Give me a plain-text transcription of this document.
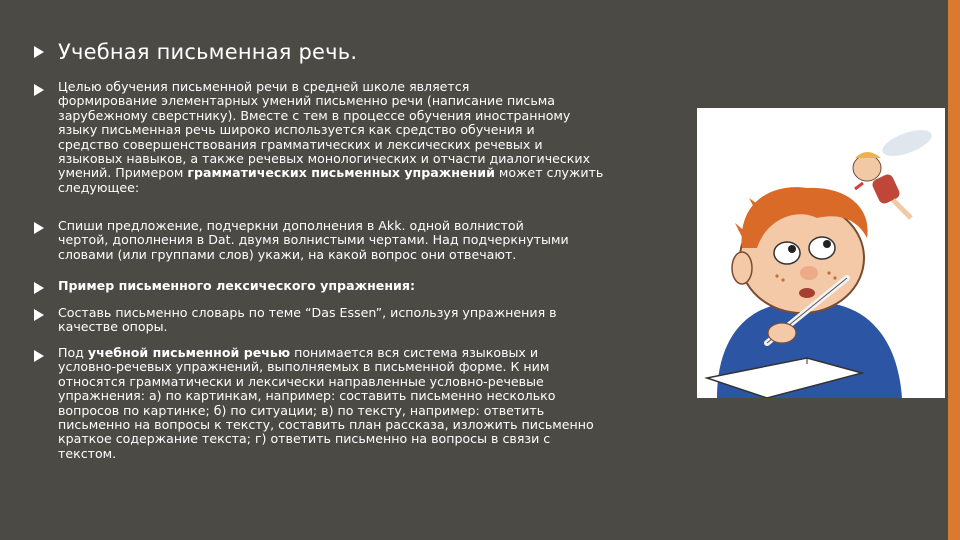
Учебная письменная речь.
Целью обучения письменной речи в средней школе является
формирование элементарных умений письменно речи (написание письма
зарубежному сверстнику). Вместе с тем в процессе обучения иностранному
языку письменная речь широко используется как средство обучения и
средство совершенствования грамматических и лексических речевых и
языковых навыков, а также речевых монологических и отчасти диалогических
умений. Примером грамматических письменных упражнений может служить
следующее:
Спиши предложение, подчеркни дополнения в Akk. одной волнистой
чертой, дополнения в Dat. двумя волнистыми чертами. Над подчеркнутыми
словами (или группами слов) укажи, на какой вопрос они отвечают.
Пример письменного лексического упражнения:
Составь письменно словарь по теме “Das Essen”, используя упражнения в
качестве опоры.
Под учебной письменной речью понимается вся система языковых и
условно-речевых упражнений, выполняемых в письменной форме. К ним
относятся грамматически и лексически направленные условно-речевые
упражнения: а) по картинкам, например: составить письменно несколько
вопросов по картинке; б) по ситуации; в) по тексту, например: ответить
письменно на вопросы к тексту, составить план рассказа, изложить письменно
краткое содержание текста; г) ответить письменно на вопросы в связи с
текстом.
